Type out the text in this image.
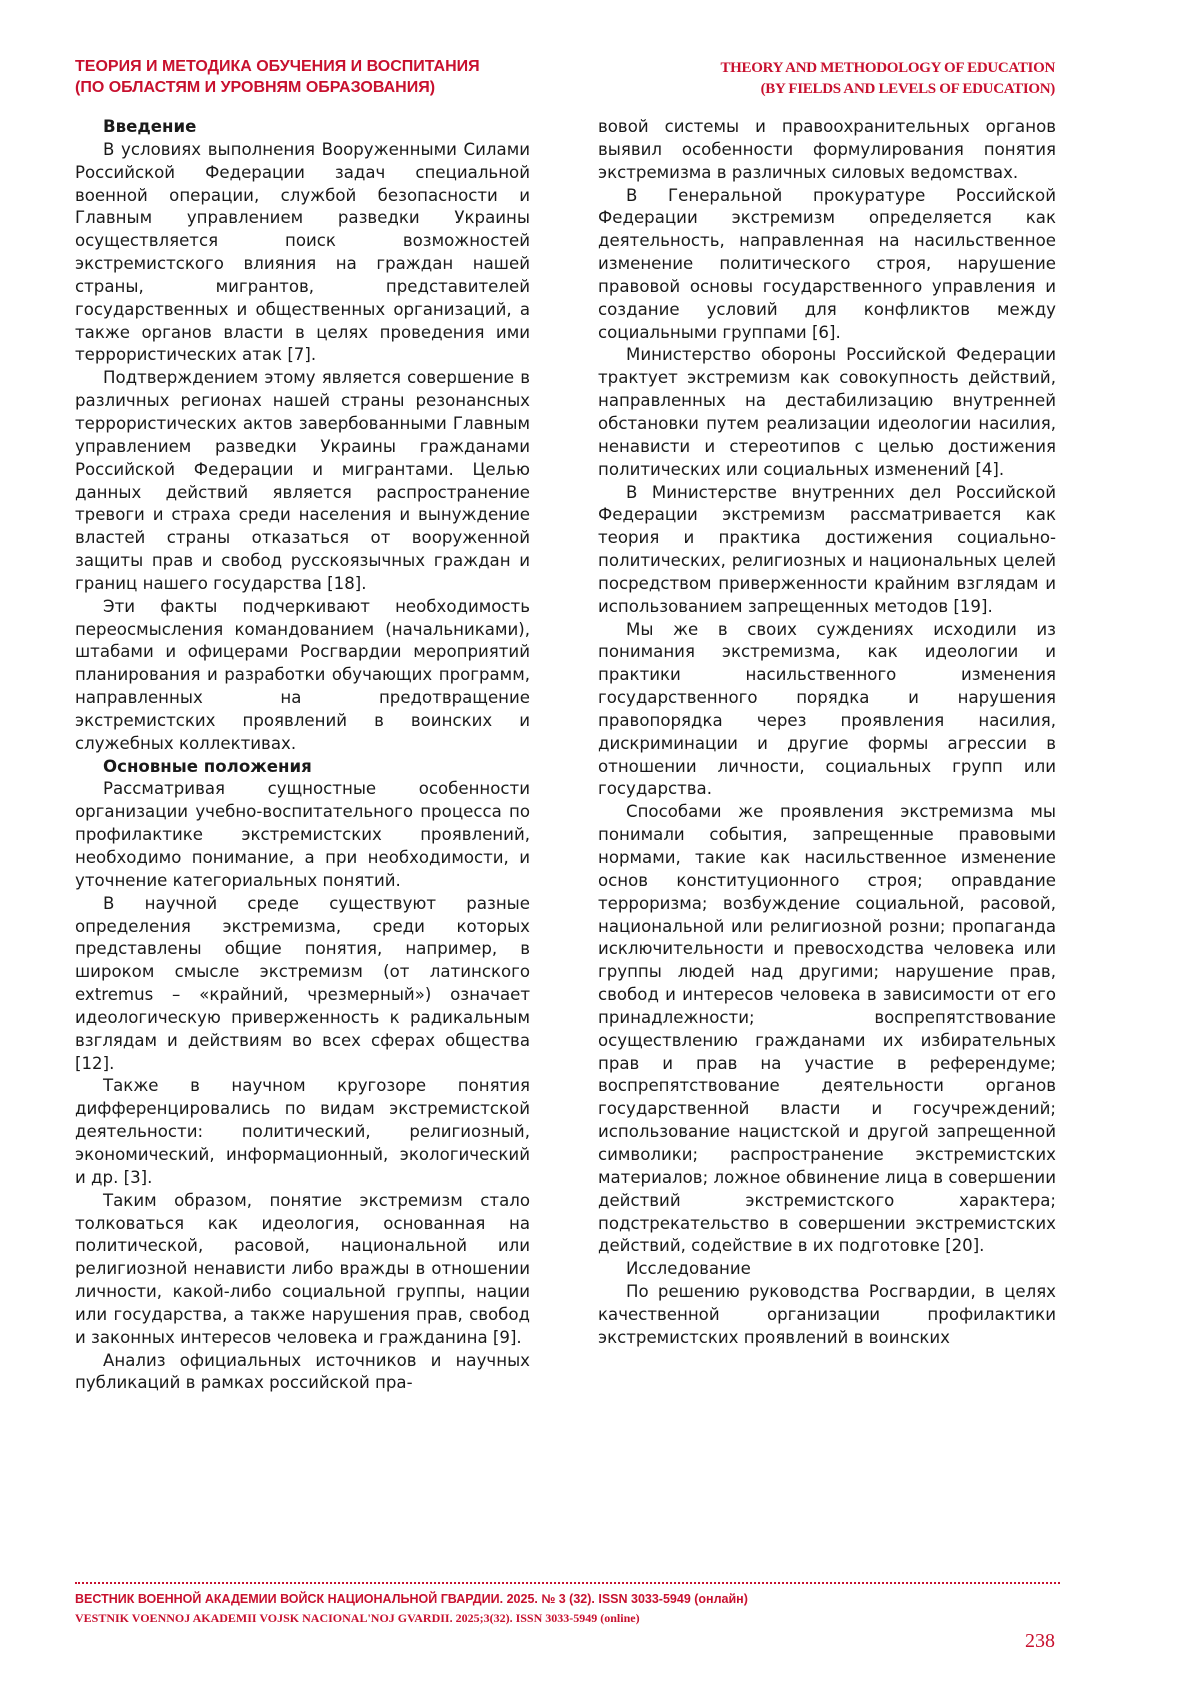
ТЕОРИЯ И МЕТОДИКА ОБУЧЕНИЯ И ВОСПИТАНИЯ
(ПО ОБЛАСТЯМ И УРОВНЯМ ОБРАЗОВАНИЯ)
THEORY AND METHODOLOGY OF EDUCATION
(BY FIELDS AND LEVELS OF EDUCATION)
Введение

В условиях выполнения Вооруженными Силами Российской Федерации задач специальной военной операции, службой безопасности и Главным управлением разведки Украины осуществляется поиск возможностей экстремистского влияния на граждан нашей страны, мигрантов, представителей государственных и общественных организаций, а также органов власти в целях проведения ими террористических атак [7].

Подтверждением этому является совершение в различных регионах нашей страны резонансных террористических актов завербованными Главным управлением разведки Украины гражданами Российской Федерации и мигрантами. Целью данных действий является распространение тревоги и страха среди населения и вынуждение властей страны отказаться от вооруженной защиты прав и свобод русскоязычных граждан и границ нашего государства [18].

Эти факты подчеркивают необходимость переосмысления командованием (начальниками), штабами и офицерами Росгвардии мероприятий планирования и разработки обучающих программ, направленных на предотвращение экстремистских проявлений в воинских и служебных коллективах.

Основные положения

Рассматривая сущностные особенности организации учебно-воспитательного процесса по профилактике экстремистских проявлений, необходимо понимание, а при необходимости, и уточнение категориальных понятий.

В научной среде существуют разные определения экстремизма, среди которых представлены общие понятия, например, в широком смысле экстремизм (от латинского extremus – «крайний, чрезмерный») означает идеологическую приверженность к радикальным взглядам и действиям во всех сферах общества [12].

Также в научном кругозоре понятия дифференцировались по видам экстремистской деятельности: политический, религиозный, экономический, информационный, экологический и др. [3].

Таким образом, понятие экстремизм стало толковаться как идеология, основанная на политической, расовой, национальной или религиозной ненависти либо вражды в отношении личности, какой-либо социальной группы, нации или государства, а также нарушения прав, свобод и законных интересов человека и гражданина [9].

Анализ официальных источников и научных публикаций в рамках российской пра-

вовой системы и правоохранительных органов выявил особенности формулирования понятия экстремизма в различных силовых ведомствах.

В Генеральной прокуратуре Российской Федерации экстремизм определяется как деятельность, направленная на насильственное изменение политического строя, нарушение правовой основы государственного управления и создание условий для конфликтов между социальными группами [6].

Министерство обороны Российской Федерации трактует экстремизм как совокупность действий, направленных на дестабилизацию внутренней обстановки путем реализации идеологии насилия, ненависти и стереотипов с целью достижения политических или социальных изменений [4].

В Министерстве внутренних дел Российской Федерации экстремизм рассматривается как теория и практика достижения социально-политических, религиозных и национальных целей посредством приверженности крайним взглядам и использованием запрещенных методов [19].

Мы же в своих суждениях исходили из понимания экстремизма, как идеологии и практики насильственного изменения государственного порядка и нарушения правопорядка через проявления насилия, дискриминации и другие формы агрессии в отношении личности, социальных групп или государства.

Способами же проявления экстремизма мы понимали события, запрещенные правовыми нормами, такие как насильственное изменение основ конституционного строя; оправдание терроризма; возбуждение социальной, расовой, национальной или религиозной розни; пропаганда исключительности и превосходства человека или группы людей над другими; нарушение прав, свобод и интересов человека в зависимости от его принадлежности; воспрепятствование осуществлению гражданами их избирательных прав и прав на участие в референдуме; воспрепятствование деятельности органов государственной власти и госучреждений; использование нацистской и другой запрещенной символики; распространение экстремистских материалов; ложное обвинение лица в совершении действий экстремистского характера; подстрекательство в совершении экстремистских действий, содействие в их подготовке [20].

Исследование

По решению руководства Росгвардии, в целях качественной организации профилактики экстремистских проявлений в воинских

ВЕСТНИК ВОЕННОЙ АКАДЕМИИ ВОЙСК НАЦИОНАЛЬНОЙ ГВАРДИИ. 2025. № 3 (32). ISSN 3033-5949 (онлайн)
VESTNIK VOENNOJ AKADEMII VOJSK NACIONAL'NOJ GVARDII. 2025;3(32). ISSN 3033-5949 (online)
238
